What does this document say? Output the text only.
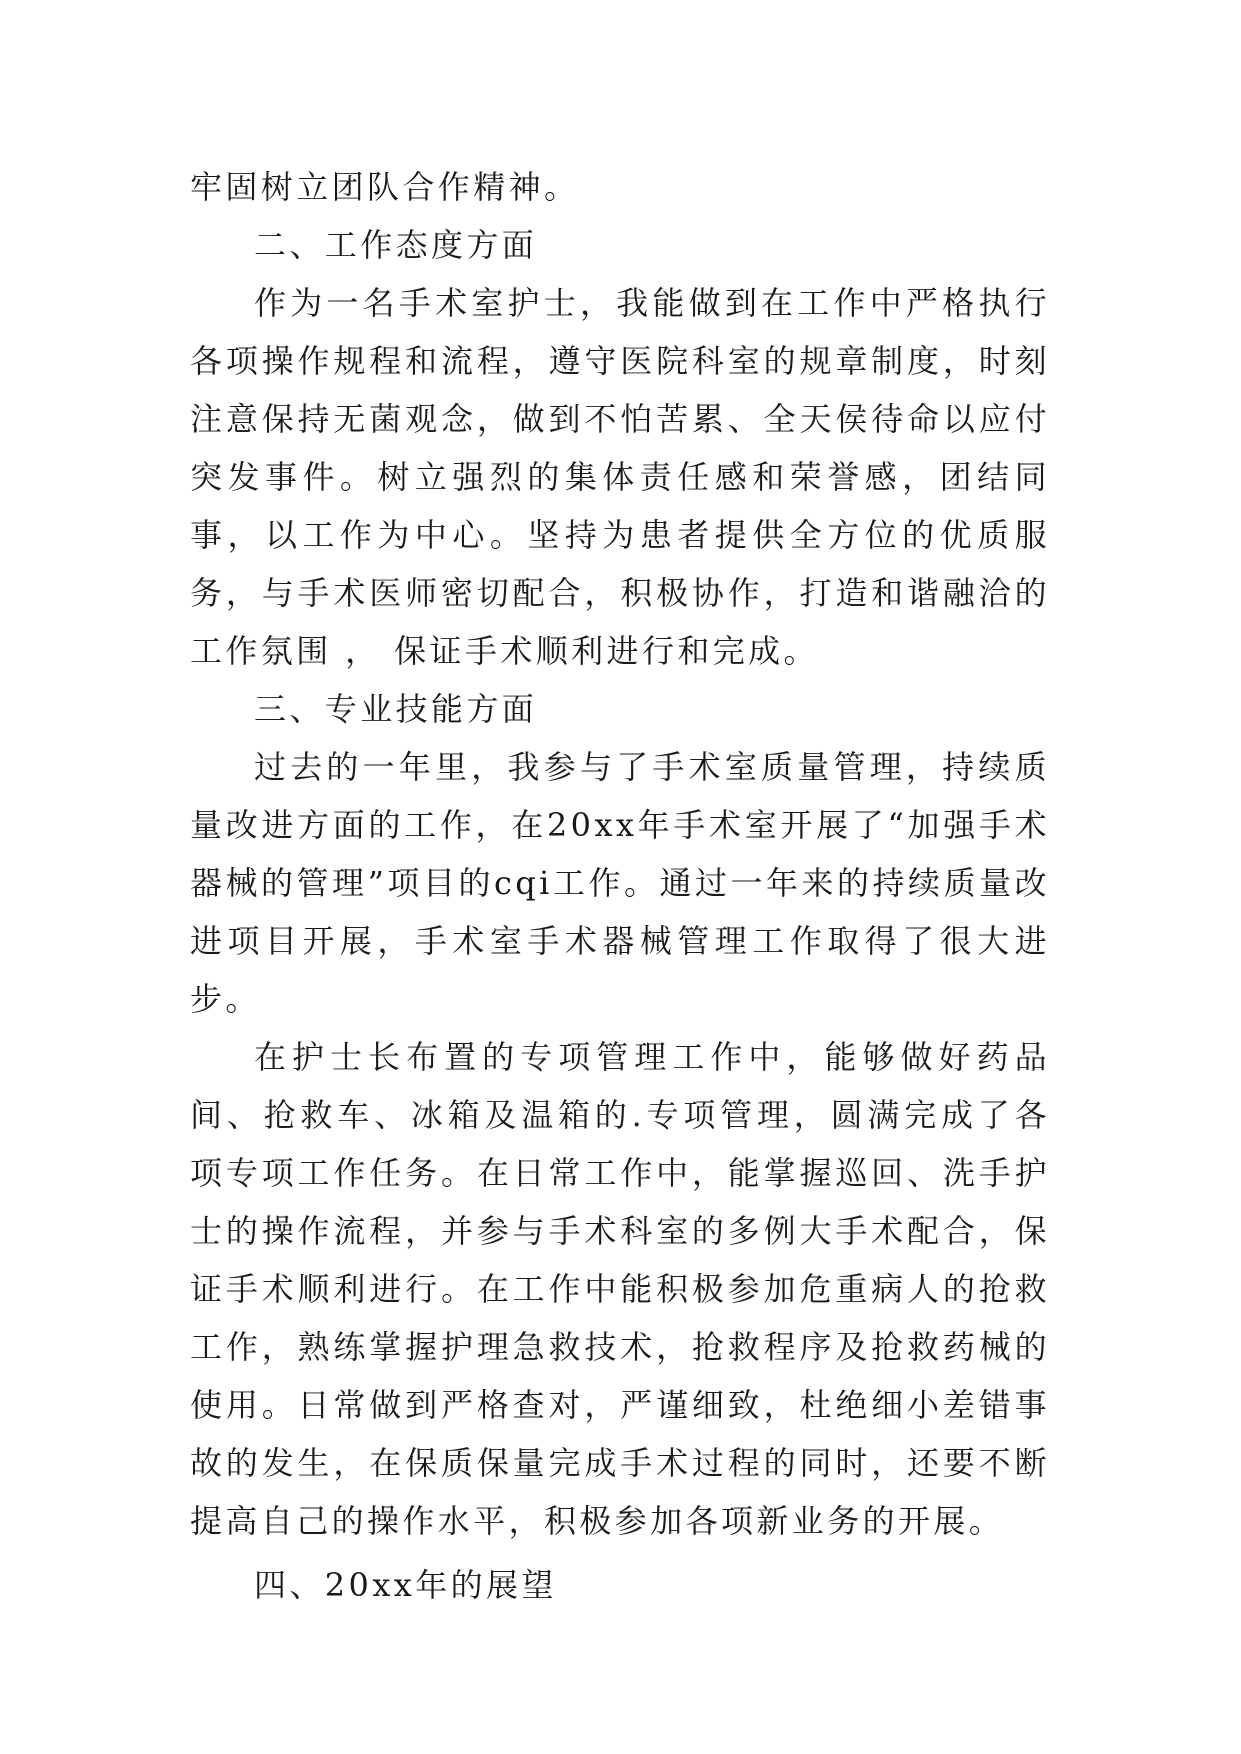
牢固树立团队合作精神。

二、工作态度方面

作为一名手术室护士，我能做到在工作中严格执行各项操作规程和流程，遵守医院科室的规章制度，时刻注意保持无菌观念，做到不怕苦累、全天侯待命以应付突发事件。树立强烈的集体责任感和荣誉感，团结同事，以工作为中心。坚持为患者提供全方位的优质服务，与手术医师密切配合，积极协作，打造和谐融洽的工作氛围 ， 保证手术顺利进行和完成。

三、专业技能方面

过去的一年里，我参与了手术室质量管理，持续质量改进方面的工作，在20xx年手术室开展了“加强手术器械的管理”项目的cqi工作。通过一年来的持续质量改进项目开展，手术室手术器械管理工作取得了很大进步。

在护士长布置的专项管理工作中，能够做好药品间、抢救车、冰箱及温箱的.专项管理，圆满完成了各项专项工作任务。在日常工作中，能掌握巡回、洗手护士的操作流程，并参与手术科室的多例大手术配合，保证手术顺利进行。在工作中能积极参加危重病人的抢救工作，熟练掌握护理急救技术，抢救程序及抢救药械的使用。日常做到严格查对，严谨细致，杜绝细小差错事故的发生，在保质保量完成手术过程的同时，还要不断提高自己的操作水平，积极参加各项新业务的开展。

四、20xx年的展望
